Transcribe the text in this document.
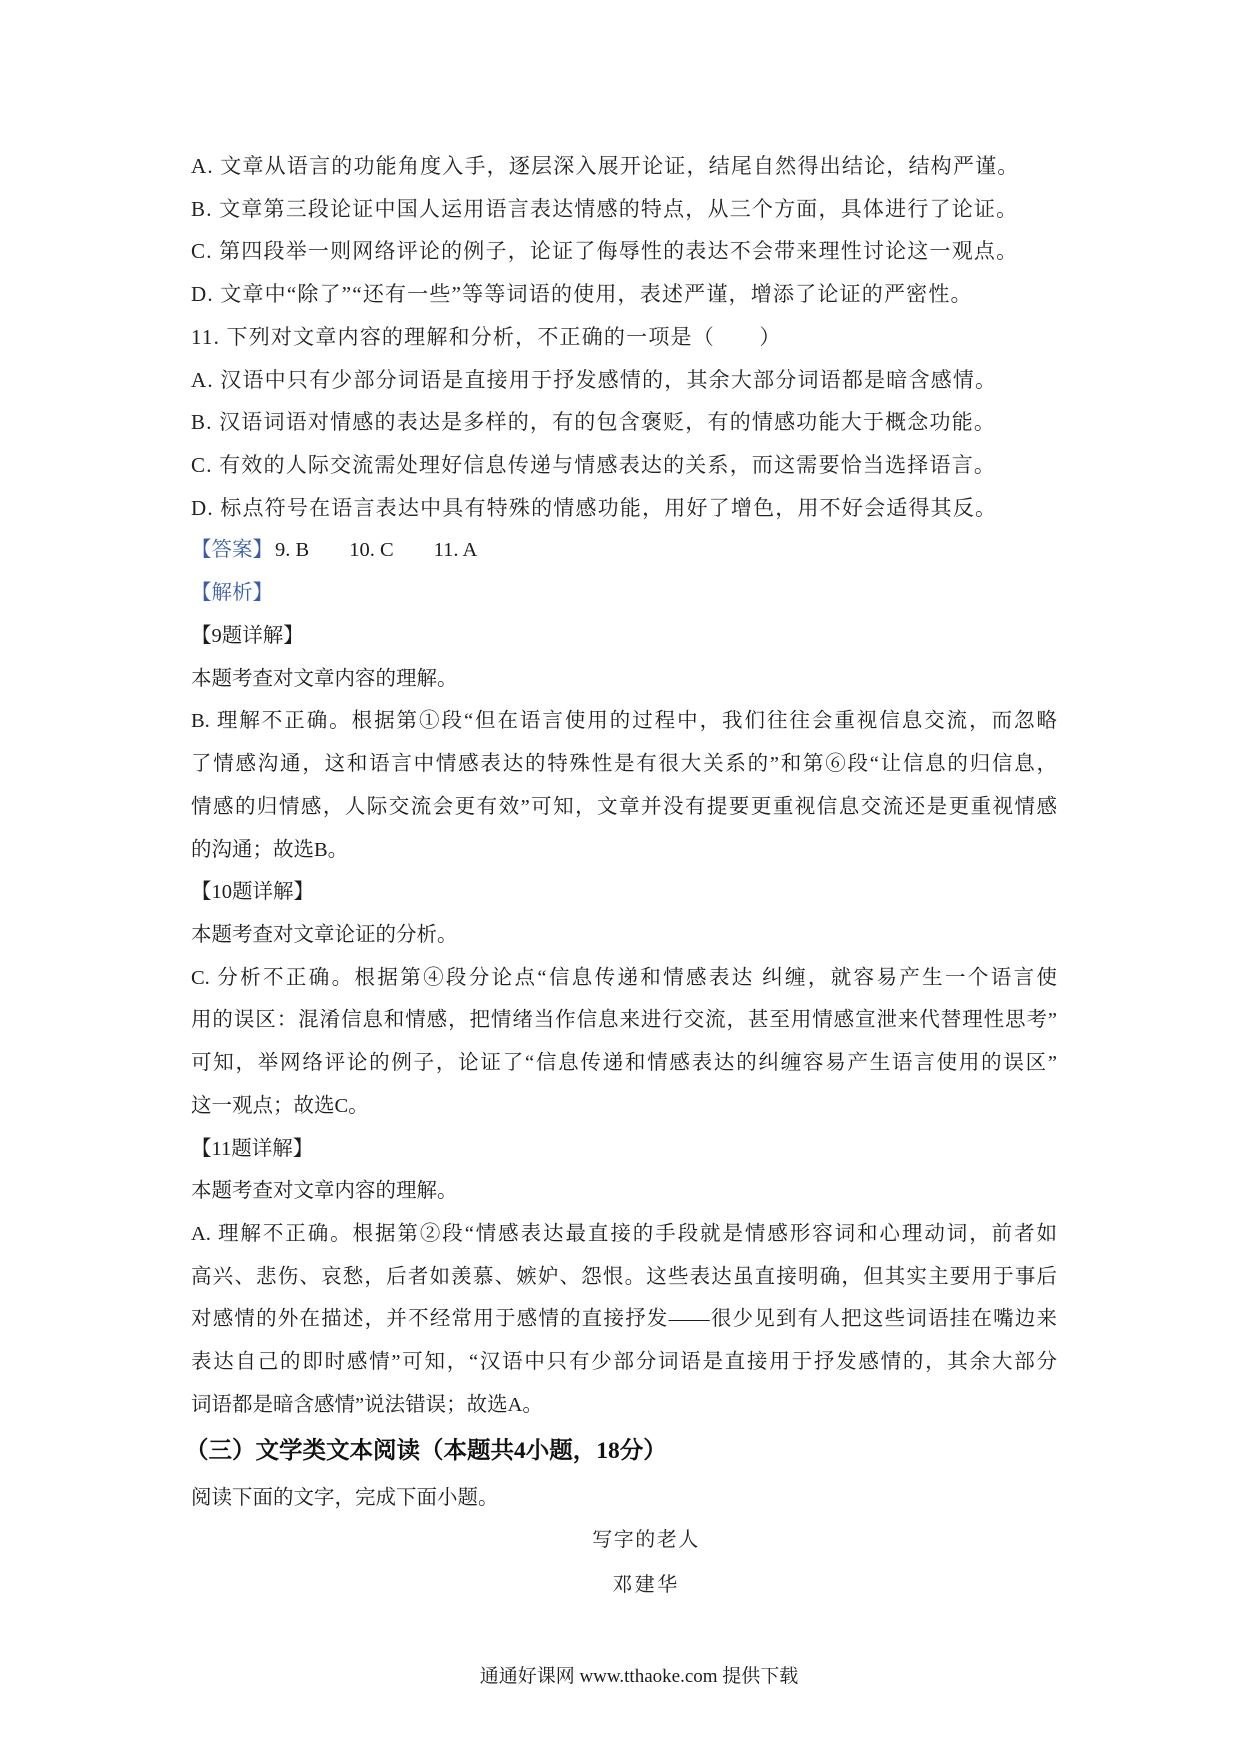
A. 文章从语言的功能角度入手，逐层深入展开论证，结尾自然得出结论，结构严谨。
B. 文章第三段论证中国人运用语言表达情感的特点，从三个方面，具体进行了论证。
C. 第四段举一则网络评论的例子，论证了侮辱性的表达不会带来理性讨论这一观点。
D. 文章中“除了”“还有一些”等等词语的使用，表述严谨，增添了论证的严密性。
11. 下列对文章内容的理解和分析，不正确的一项是（　　）
A. 汉语中只有少部分词语是直接用于抒发感情的，其余大部分词语都是暗含感情。
B. 汉语词语对情感的表达是多样的，有的包含褒贬，有的情感功能大于概念功能。
C. 有效的人际交流需处理好信息传递与情感表达的关系，而这需要恰当选择语言。
D. 标点符号在语言表达中具有特殊的情感功能，用好了增色，用不好会适得其反。
【答案】9. B 10. C 11. A
【解析】
【9题详解】
本题考查对文章内容的理解。
B. 理解不正确。根据第①段“但在语言使用的过程中，我们往往会重视信息交流，而忽略
了情感沟通，这和语言中情感表达的特殊性是有很大关系的”和第⑥段“让信息的归信息，
情感的归情感，人际交流会更有效”可知，文章并没有提要更重视信息交流还是更重视情感
的沟通；故选B。
【10题详解】
本题考查对文章论证的分析。
C. 分析不正确。根据第④段分论点“信息传递和情感表达 纠缠，就容易产生一个语言使
用的误区：混淆信息和情感，把情绪当作信息来进行交流，甚至用情感宣泄来代替理性思考”
可知，举网络评论的例子，论证了“信息传递和情感表达的纠缠容易产生语言使用的误区”
这一观点；故选C。
【11题详解】
本题考查对文章内容的理解。
A. 理解不正确。根据第②段“情感表达最直接的手段就是情感形容词和心理动词，前者如
高兴、悲伤、哀愁，后者如羡慕、嫉妒、怨恨。这些表达虽直接明确，但其实主要用于事后
对感情的外在描述，并不经常用于感情的直接抒发——很少见到有人把这些词语挂在嘴边来
表达自己的即时感情”可知，“汉语中只有少部分词语是直接用于抒发感情的，其余大部分
词语都是暗含感情”说法错误；故选A。
（三）文学类文本阅读（本题共4小题，18分）
阅读下面的文字，完成下面小题。
写字的老人
邓建华
通通好课网 www.tthaoke.com 提供下载
